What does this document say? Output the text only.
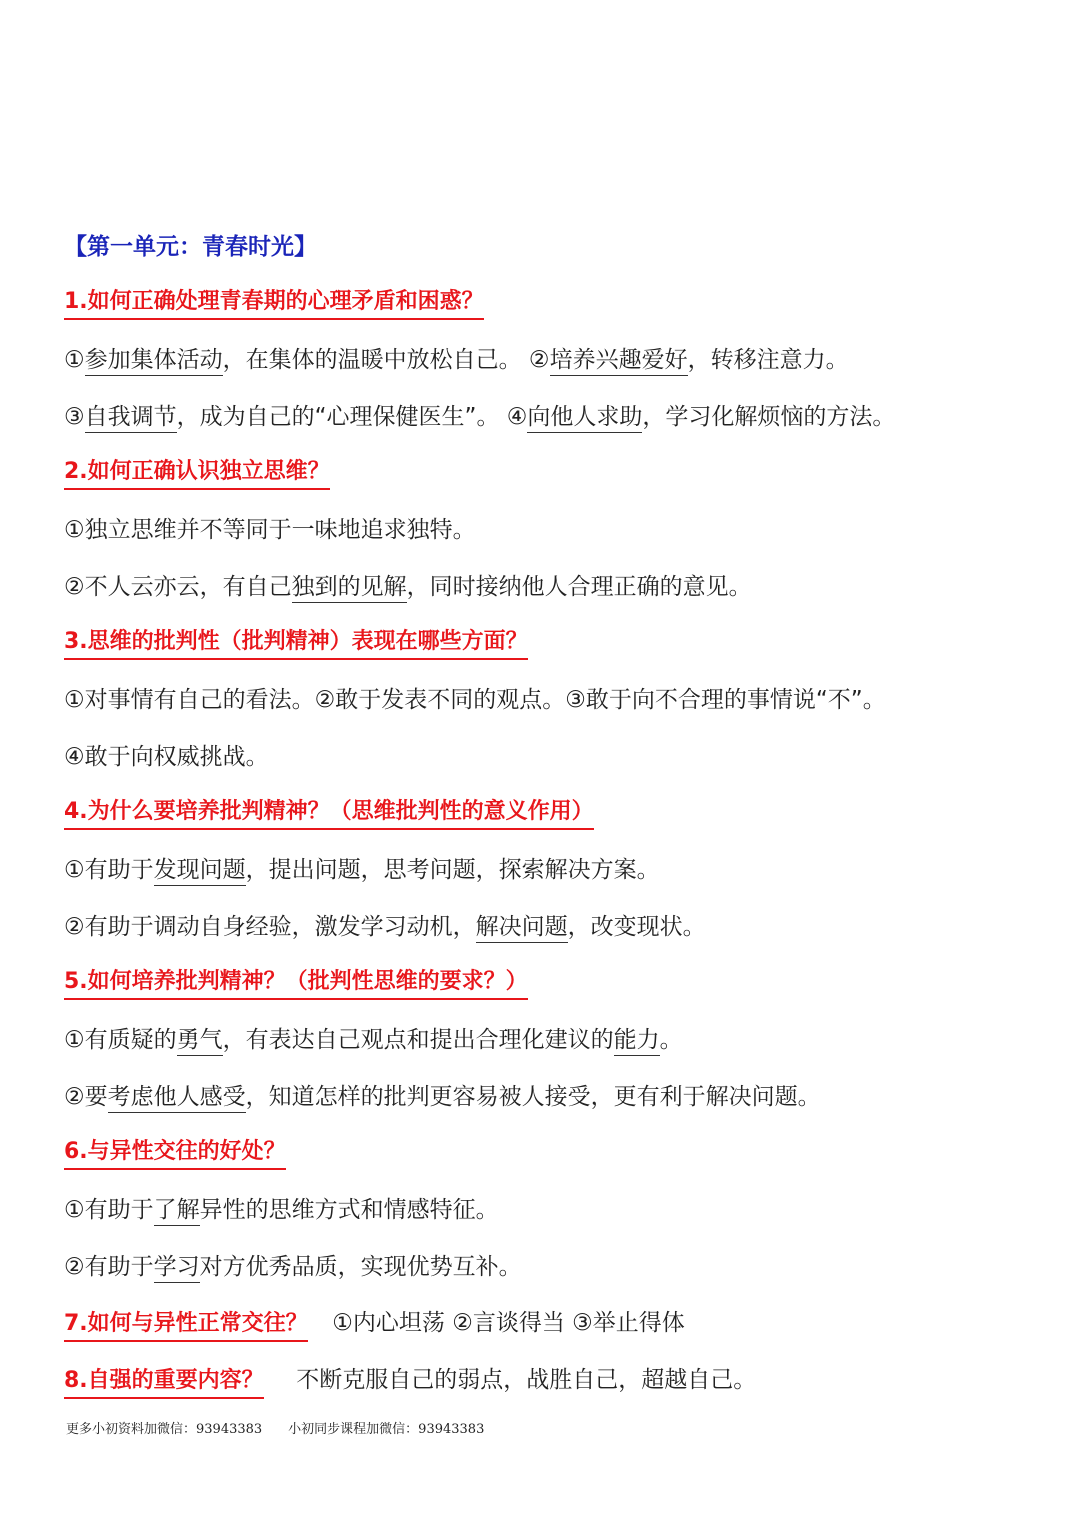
【第一单元：青春时光】
1.如何正确处理青春期的心理矛盾和困惑？
①参加集体活动，在集体的温暖中放松自己。 ②培养兴趣爱好，转移注意力。
③自我调节，成为自己的“心理保健医生”。 ④向他人求助，学习化解烦恼的方法。
2.如何正确认识独立思维？
①独立思维并不等同于一味地追求独特。
②不人云亦云，有自己独到的见解，同时接纳他人合理正确的意见。
3.思维的批判性（批判精神）表现在哪些方面？
①对事情有自己的看法。②敢于发表不同的观点。③敢于向不合理的事情说“不”。
④敢于向权威挑战。
4.为什么要培养批判精神？（思维批判性的意义作用）
①有助于发现问题，提出问题，思考问题，探索解决方案。
②有助于调动自身经验，激发学习动机，解决问题，改变现状。
5.如何培养批判精神？（批判性思维的要求？）
①有质疑的勇气，有表达自己观点和提出合理化建议的能力。
②要考虑他人感受，知道怎样的批判更容易被人接受，更有利于解决问题。
6.与异性交往的好处？
①有助于了解异性的思维方式和情感特征。
②有助于学习对方优秀品质，实现优势互补。
7.如何与异性正常交往？ ①内心坦荡 ②言谈得当 ③举止得体
8.自强的重要内容？ 不断克服自己的弱点，战胜自己，超越自己。
更多小初资料加微信：93943383 小初同步课程加微信：93943383
